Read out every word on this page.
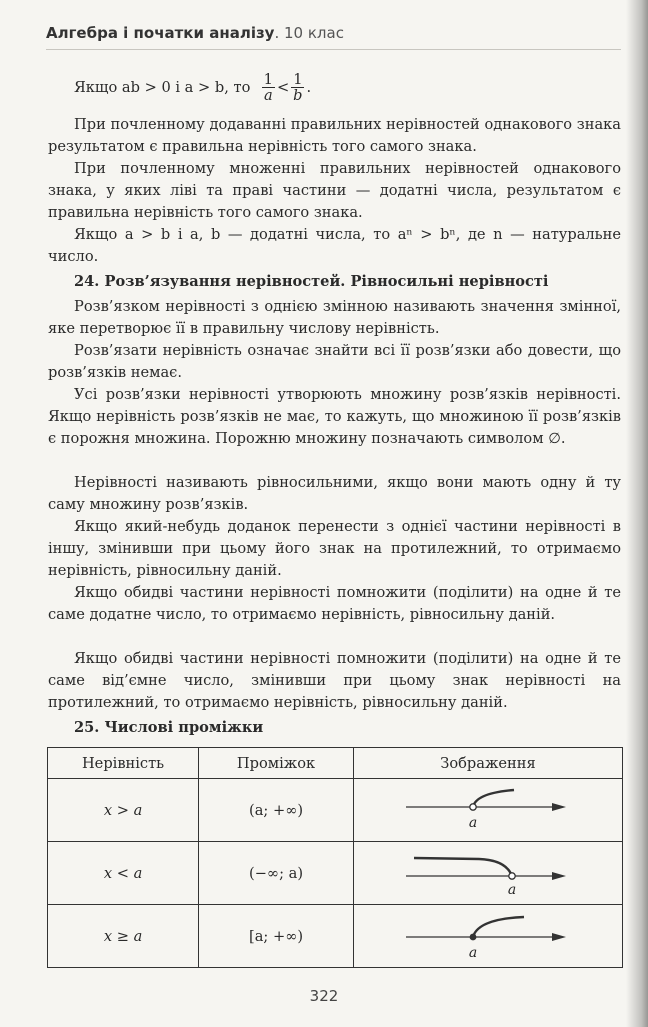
Алгебра і початки аналізу. 10 клас
Якщо ab > 0 і a > b, то
$\frac{1}{a} < \frac{1}{b}$ .

При почленному додаванні правильних нерівностей однакового знака результатом є правильна нерівність того самого знака.

При почленному множенні правильних нерівностей однакового знака, у яких ліві та праві частини — додатні числа, результатом є правильна нерівність того самого знака.

Якщо a > b і a, b — додатні числа, то aⁿ > bⁿ, де n — натуральне число.

24. Розв’язування нерівностей. Рівносильні нерівності

Розв’язком нерівності з однією змінною називають значення змінної, яке перетворює її в правильну числову нерівність.

Розв’язати нерівність означає знайти всі її розв’язки або довести, що розв’язків немає.

Усі розв’язки нерівності утворюють множину розв’язків нерівності. Якщо нерівність розв’язків не має, то кажуть, що множиною її розв’язків є порожня множина. Порожню множину позначають символом ∅.

Нерівності називають рівносильними, якщо вони мають одну й ту саму множину розв’язків.

Якщо який-небудь доданок перенести з однієї частини нерівності в іншу, змінивши при цьому його знак на протилежний, то отримаємо нерівність, рівносильну даній.

Якщо обидві частини нерівності помножити (поділити) на одне й те саме додатне число, то отримаємо нерівність, рівносильну даній.

Якщо обидві частини нерівності помножити (поділити) на одне й те саме від’ємне число, змінивши при цьому знак нерівності на протилежний, то отримаємо нерівність, рівносильну даній.

25. Числові проміжки

Нерівність	Проміжок	Зображення
x > a	(a; +∞)	a

x < a	(−∞; a)	a

x ≥ a	[a; +∞)	a
322
